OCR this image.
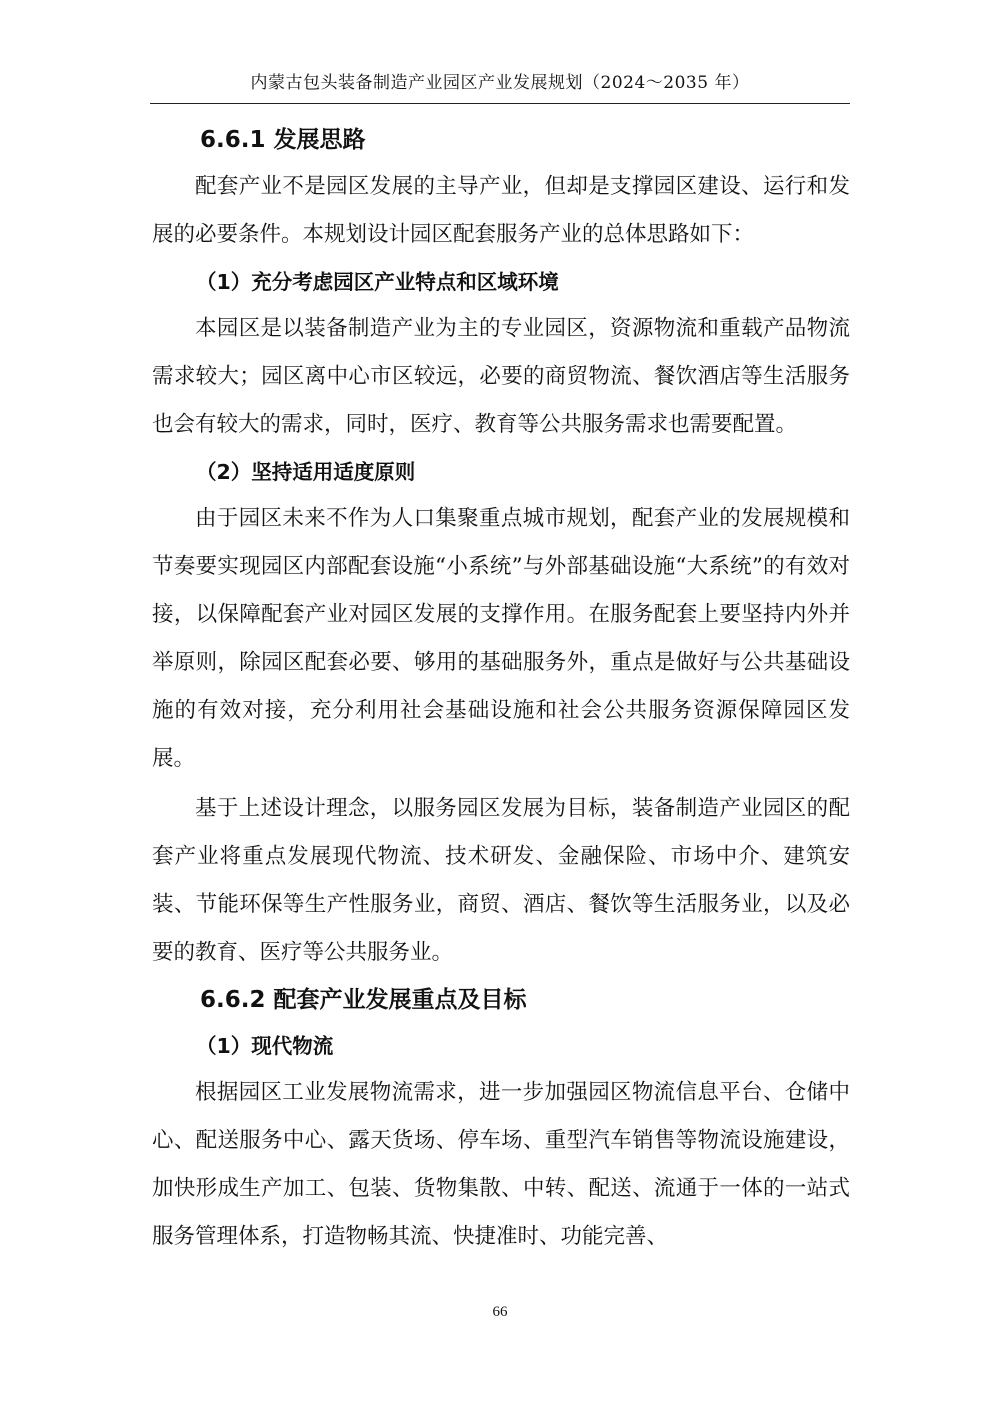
内蒙古包头装备制造产业园区产业发展规划（2024～2035 年）
6.6.1 发展思路
配套产业不是园区发展的主导产业，但却是支撑园区建设、运行和发展的必要条件。本规划设计园区配套服务产业的总体思路如下：
（1）充分考虑园区产业特点和区域环境
本园区是以装备制造产业为主的专业园区，资源物流和重载产品物流需求较大；园区离中心市区较远，必要的商贸物流、餐饮酒店等生活服务也会有较大的需求，同时，医疗、教育等公共服务需求也需要配置。
（2）坚持适用适度原则
由于园区未来不作为人口集聚重点城市规划，配套产业的发展规模和节奏要实现园区内部配套设施“小系统”与外部基础设施“大系统”的有效对接，以保障配套产业对园区发展的支撑作用。在服务配套上要坚持内外并举原则，除园区配套必要、够用的基础服务外，重点是做好与公共基础设施的有效对接，充分利用社会基础设施和社会公共服务资源保障园区发展。
基于上述设计理念，以服务园区发展为目标，装备制造产业园区的配套产业将重点发展现代物流、技术研发、金融保险、市场中介、建筑安装、节能环保等生产性服务业，商贸、酒店、餐饮等生活服务业，以及必要的教育、医疗等公共服务业。
6.6.2 配套产业发展重点及目标
（1）现代物流
根据园区工业发展物流需求，进一步加强园区物流信息平台、仓储中心、配送服务中心、露天货场、停车场、重型汽车销售等物流设施建设，加快形成生产加工、包装、货物集散、中转、配送、流通于一体的一站式服务管理体系，打造物畅其流、快捷准时、功能完善、
66
